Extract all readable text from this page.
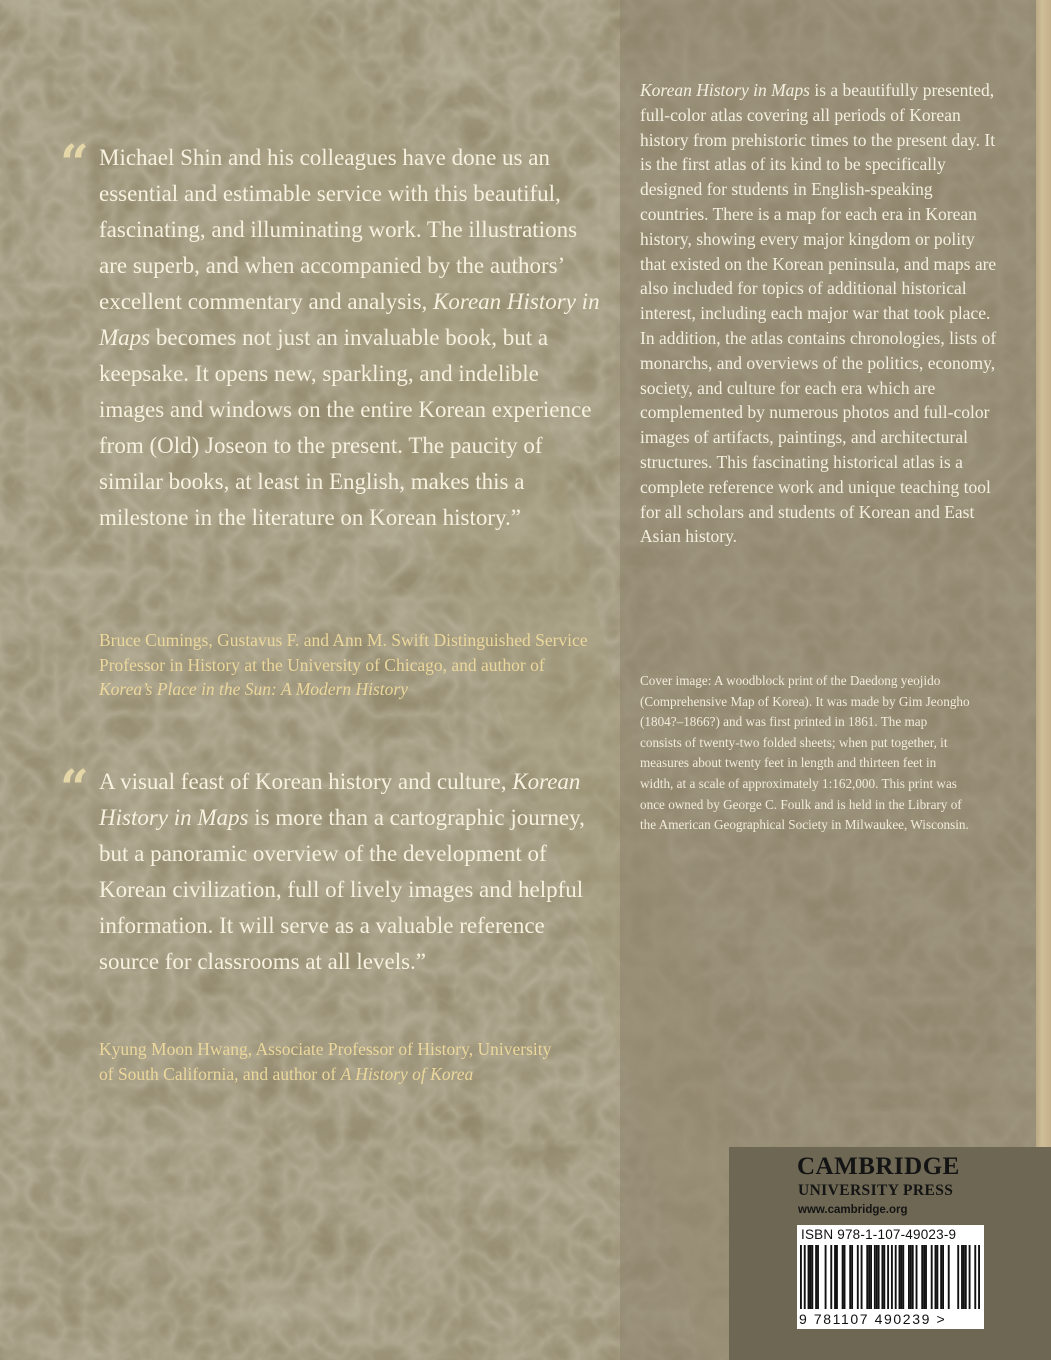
“ Michael Shin and his colleagues have done us an essential and estimable service with this beautiful, fascinating, and illuminating work. The illustrations are superb, and when accompanied by the authors’ excellent commentary and analysis, Korean History in Maps becomes not just an invaluable book, but a keepsake. It opens new, sparkling, and indelible images and windows on the entire Korean experience from (Old) Joseon to the present. The paucity of similar books, at least in English, makes this a milestone in the literature on Korean history.”

Bruce Cumings, Gustavus F. and Ann M. Swift Distinguished Service Professor in History at the University of Chicago, and author of Korea’s Place in the Sun: A Modern History

“ A visual feast of Korean history and culture, Korean History in Maps is more than a cartographic journey, but a panoramic overview of the development of Korean civilization, full of lively images and helpful information. It will serve as a valuable reference source for classrooms at all levels.”

Kyung Moon Hwang, Associate Professor of History, University of South California, and author of A History of Korea

Korean History in Maps is a beautifully presented, full-color atlas covering all periods of Korean history from prehistoric times to the present day. It is the first atlas of its kind to be specifically designed for students in English-speaking countries. There is a map for each era in Korean history, showing every major kingdom or polity that existed on the Korean peninsula, and maps are also included for topics of additional historical interest, including each major war that took place. In addition, the atlas contains chronologies, lists of monarchs, and overviews of the politics, economy, society, and culture for each era which are complemented by numerous photos and full-color images of artifacts, paintings, and architectural structures. This fascinating historical atlas is a complete reference work and unique teaching tool for all scholars and students of Korean and East Asian history.

Cover image: A woodblock print of the Daedong yeojido (Comprehensive Map of Korea). It was made by Gim Jeongho (1804?–1866?) and was first printed in 1861. The map consists of twenty-two folded sheets; when put together, it measures about twenty feet in length and thirteen feet in width, at a scale of approximately 1:162,000. This print was once owned by George C. Foulk and is held in the Library of the American Geographical Society in Milwaukee, Wisconsin.

CAMBRIDGE
UNIVERSITY PRESS
www.cambridge.org
ISBN 978-1-107-49023-9
9 781107 490239 >
